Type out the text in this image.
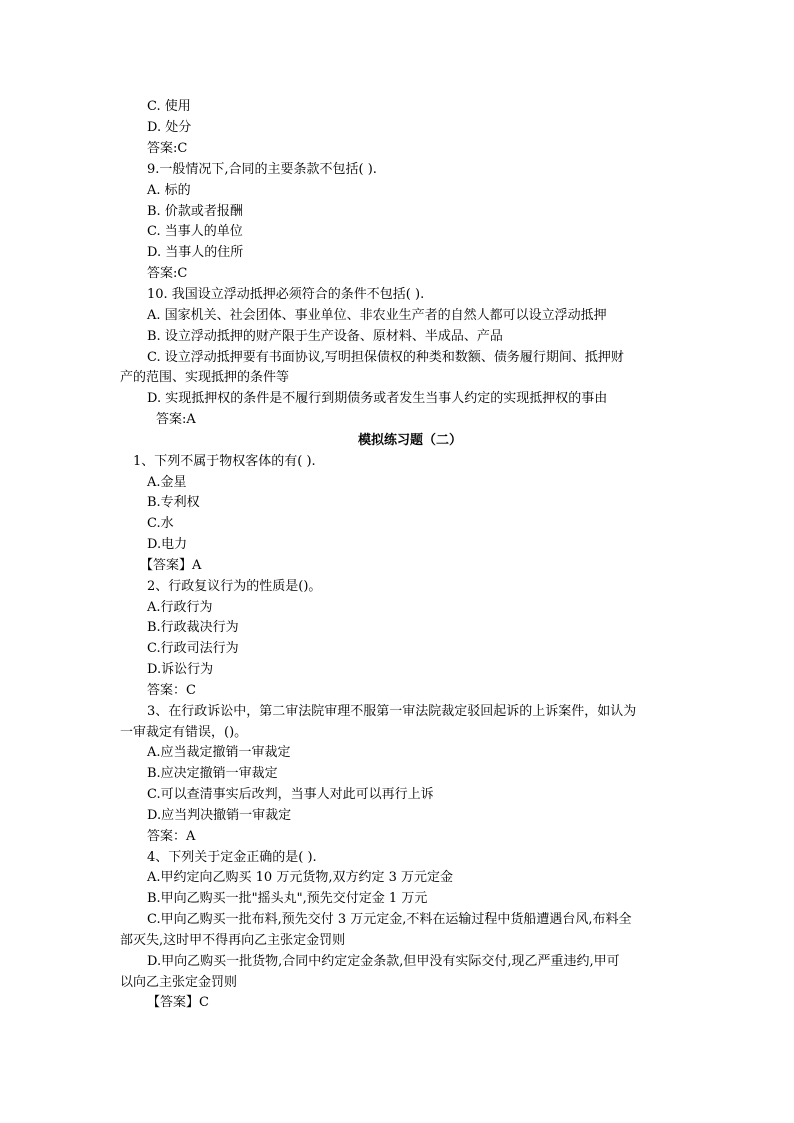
C. 使用
D. 处分
答案:C
9.一般情况下,合同的主要条款不包括( ).
A. 标的
B. 价款或者报酬
C. 当事人的单位
D. 当事人的住所
答案:C
10. 我国设立浮动抵押必须符合的条件不包括( ).
A. 国家机关、社会团体、事业单位、非农业生产者的自然人都可以设立浮动抵押
B. 设立浮动抵押的财产限于生产设备、原材料、半成品、产品
C. 设立浮动抵押要有书面协议,写明担保债权的种类和数额、债务履行期间、抵押财
产的范围、实现抵押的条件等
D. 实现抵押权的条件是不履行到期债务或者发生当事人约定的实现抵押权的事由
答案:A
模拟练习题（二）
1、下列不属于物权客体的有( ).
A.金星
B.专利权
C.水
D.电力
【答案】A
2、行政复议行为的性质是()。
A.行政行为
B.行政裁决行为
C.行政司法行为
D.诉讼行为
答案：C
3、在行政诉讼中，第二审法院审理不服第一审法院裁定驳回起诉的上诉案件，如认为
一审裁定有错误，()。
A.应当裁定撤销一审裁定
B.应决定撤销一审裁定
C.可以查清事实后改判，当事人对此可以再行上诉
D.应当判决撤销一审裁定
答案：A
4、下列关于定金正确的是( ).
A.甲约定向乙购买 10 万元货物,双方约定 3 万元定金
B.甲向乙购买一批"摇头丸",预先交付定金 1 万元
C.甲向乙购买一批布料,预先交付 3 万元定金,不料在运输过程中货船遭遇台风,布料全
部灭失,这时甲不得再向乙主张定金罚则
D.甲向乙购买一批货物,合同中约定定金条款,但甲没有实际交付,现乙严重违约,甲可
以向乙主张定金罚则
【答案】C
